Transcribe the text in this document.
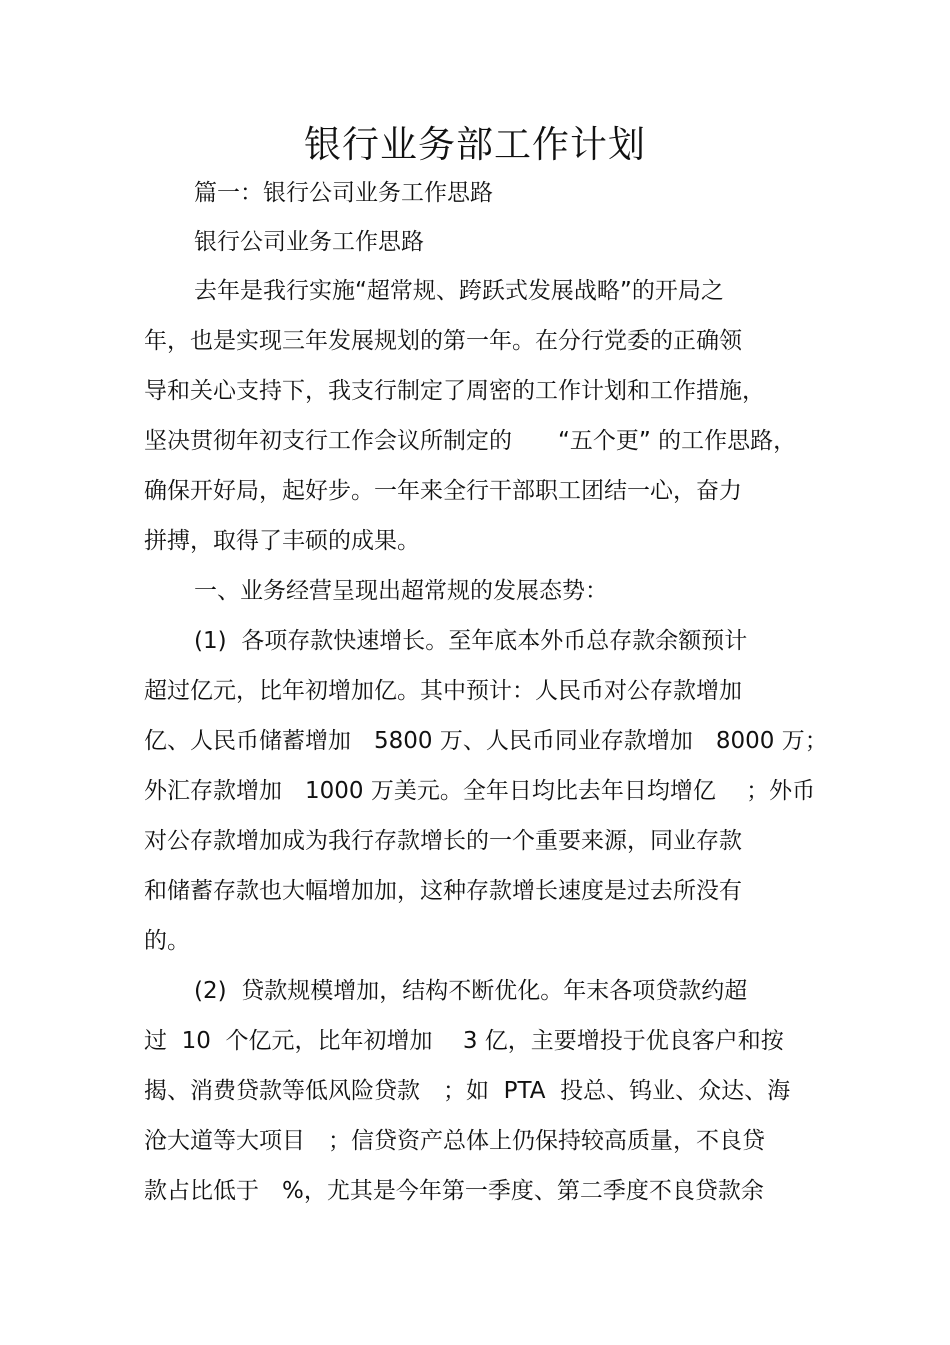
银行业务部工作计划
篇一：银行公司业务工作思路
银行公司业务工作思路
去年是我行实施“超常规、跨跃式发展战略”的开局之
年，也是实现三年发展规划的第一年。在分行党委的正确领
导和关心支持下，我支行制定了周密的工作计划和工作措施，
坚决贯彻年初支行工作会议所制定的　　“五个更” 的工作思路，
确保开好局，起好步。一年来全行干部职工团结一心，奋力
拼搏，取得了丰硕的成果。
一、业务经营呈现出超常规的发展态势：
(1)  各项存款快速增长。至年底本外币总存款余额预计
超过亿元，比年初增加亿。其中预计：人民币对公存款增加
亿、人民币储蓄增加　5800 万、人民币同业存款增加　8000 万；
外汇存款增加　1000 万美元。全年日均比去年日均增亿　 ；外币
对公存款增加成为我行存款增长的一个重要来源，同业存款
和储蓄存款也大幅增加加，这种存款增长速度是过去所没有
的。
(2)  贷款规模增加，结构不断优化。年末各项贷款约超
过  10  个亿元，比年初增加　 3 亿，主要增投于优良客户和按
揭、消费贷款等低风险贷款　；如  PTA  投总、钨业、众达、海
沧大道等大项目　；信贷资产总体上仍保持较高质量，不良贷
款占比低于　%，尤其是今年第一季度、第二季度不良贷款余
